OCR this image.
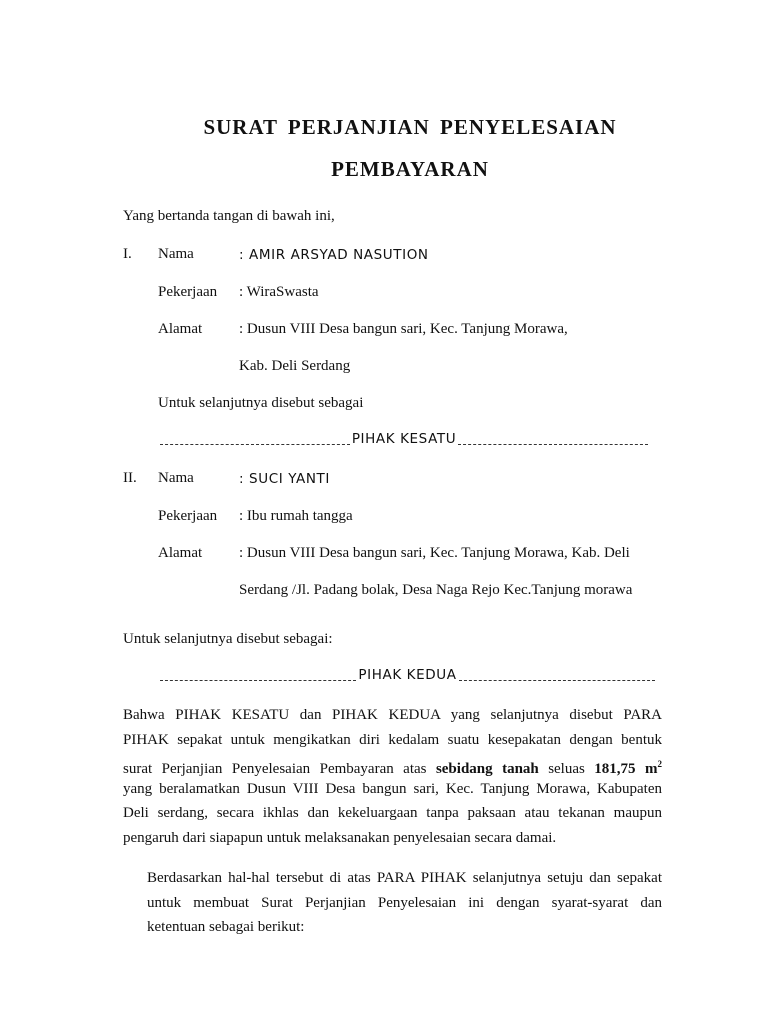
SURAT PERJANJIAN PENYELESAIAN
PEMBAYARAN
Yang bertanda tangan di bawah ini,
I. Nama	: AMIR ARSYAD NASUTION
Pekerjaan : WiraSwasta
Alamat : Dusun VIII Desa bangun sari, Kec. Tanjung Morawa,
Kab. Deli Serdang
Untuk selanjutnya disebut sebagai
PIHAK KESATU
II. Nama	: SUCI YANTI
Pekerjaan : Ibu rumah tangga
Alamat : Dusun VIII Desa bangun sari, Kec. Tanjung Morawa, Kab. Deli
Serdang /Jl. Padang bolak, Desa Naga Rejo Kec.Tanjung morawa
Untuk selanjutnya disebut sebagai:
PIHAK KEDUA
Bahwa PIHAK KESATU dan PIHAK KEDUA yang selanjutnya disebut PARA
PIHAK sepakat untuk mengikatkan diri kedalam suatu kesepakatan dengan bentuk
surat Perjanjian Penyelesaian Pembayaran atas sebidang tanah seluas 181,75 $m^2$
yang beralamatkan Dusun VIII Desa bangun sari, Kec. Tanjung Morawa, Kabupaten
Deli serdang, secara ikhlas dan kekeluargaan tanpa paksaan atau tekanan maupun
pengaruh dari siapapun untuk melaksanakan penyelesaian secara damai.
Berdasarkan hal-hal tersebut di atas PARA PIHAK selanjutnya setuju dan sepakat
untuk membuat Surat Perjanjian Penyelesaian ini dengan syarat-syarat dan
ketentuan sebagai berikut:
